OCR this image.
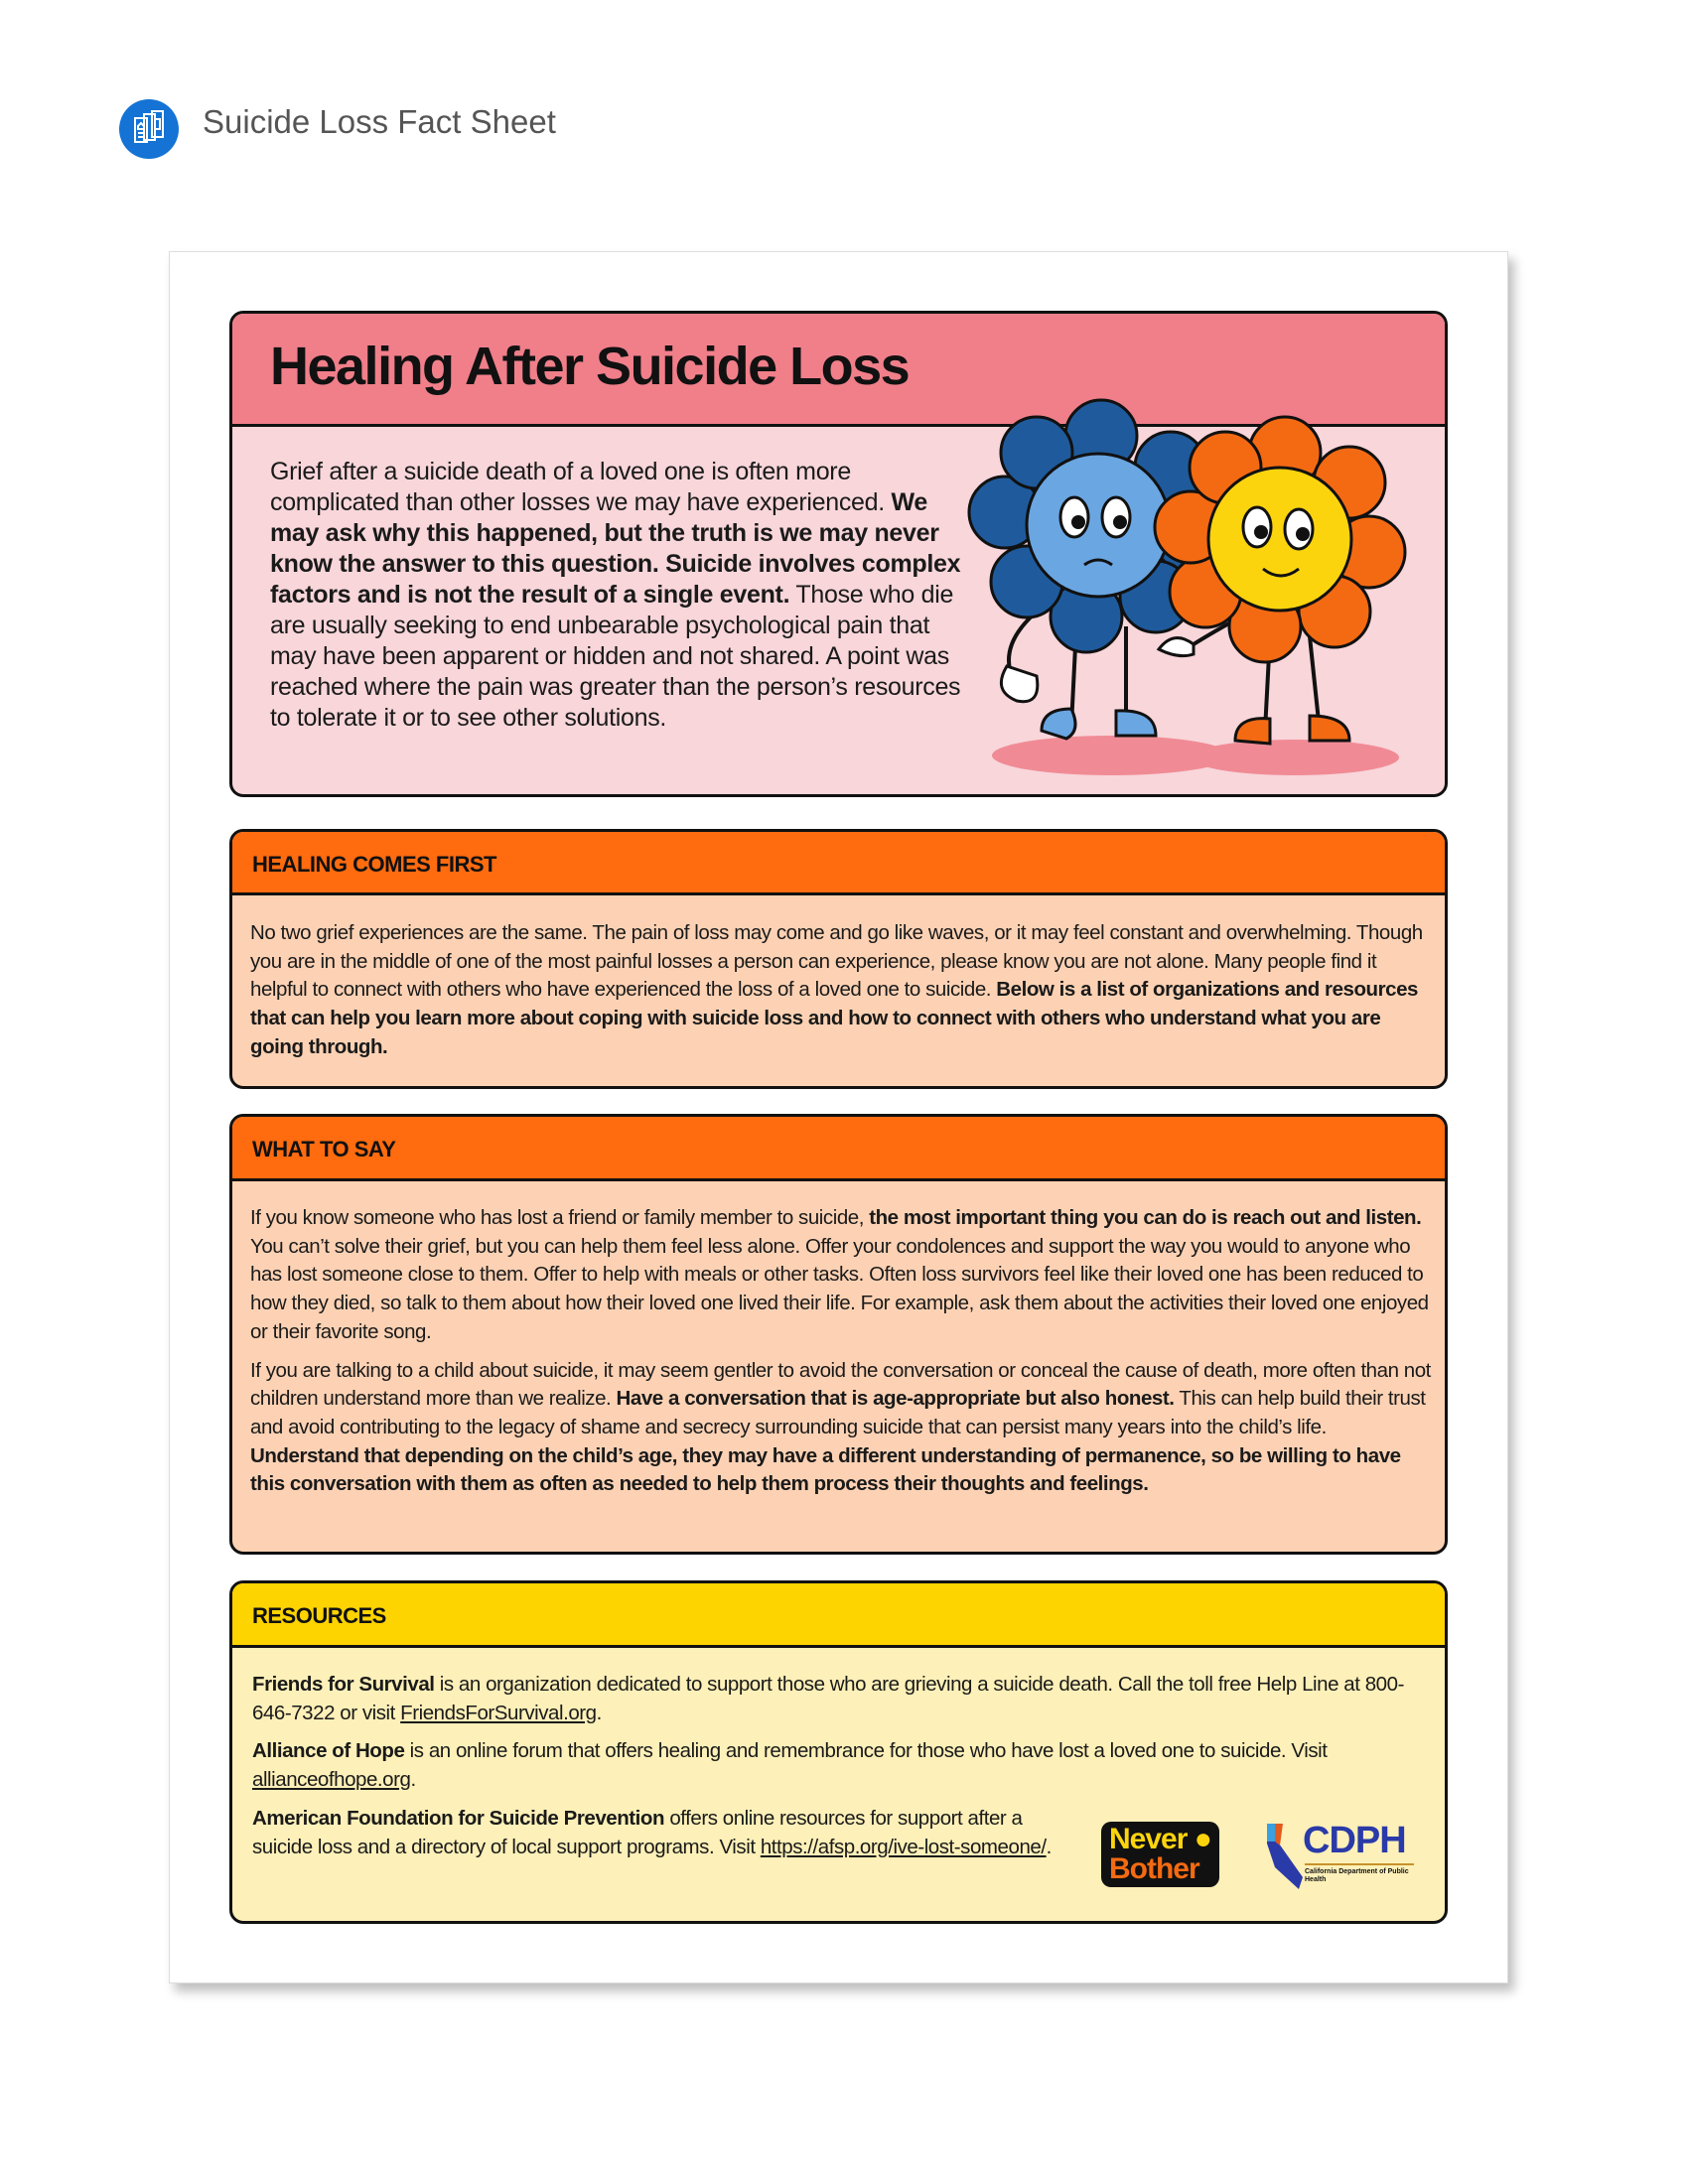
Suicide Loss Fact Sheet
Healing After Suicide Loss
Grief after a suicide death of a loved one is often more complicated than other losses we may have experienced. We may ask why this happened, but the truth is we may never know the answer to this question. Suicide involves complex factors and is not the result of a single event. Those who die are usually seeking to end unbearable psychological pain that may have been apparent or hidden and not shared. A point was reached where the pain was greater than the person’s resources to tolerate it or to see other solutions.
HEALING COMES FIRST
No two grief experiences are the same. The pain of loss may come and go like waves, or it may feel constant and overwhelming. Though you are in the middle of one of the most painful losses a person can experience, please know you are not alone. Many people find it helpful to connect with others who have experienced the loss of a loved one to suicide. Below is a list of organizations and resources that can help you learn more about coping with suicide loss and how to connect with others who understand what you are going through.
WHAT TO SAY

If you know someone who has lost a friend or family member to suicide, the most important thing you can do is reach out and listen. You can’t solve their grief, but you can help them feel less alone. Offer your condolences and support the way you would to anyone who has lost someone close to them. Offer to help with meals or other tasks. Often loss survivors feel like their loved one has been reduced to how they died, so talk to them about how their loved one lived their life. For example, ask them about the activities their loved one enjoyed or their favorite song.

If you are talking to a child about suicide, it may seem gentler to avoid the conversation or conceal the cause of death, more often than not children understand more than we realize. Have a conversation that is age-appropriate but also honest. This can help build their trust and avoid contributing to the legacy of shame and secrecy surrounding suicide that can persist many years into the child’s life. Understand that depending on the child’s age, they may have a different understanding of permanence, so be willing to have this conversation with them as often as needed to help them process their thoughts and feelings.

RESOURCES

Friends for Survival is an organization dedicated to support those who are grieving a suicide death. Call the toll free Help Line at 800-646-7322 or visit FriendsForSurvival.org.

Alliance of Hope is an online forum that offers healing and remembrance for those who have lost a loved one to suicide. Visit allianceofhope.org.

American Foundation for Suicide Prevention offers online resources for support after a suicide loss and a directory of local support programs. Visit https://afsp.org/ive-lost-someone/.	Never ●
Bother
CDPH
California Department of Public Health
